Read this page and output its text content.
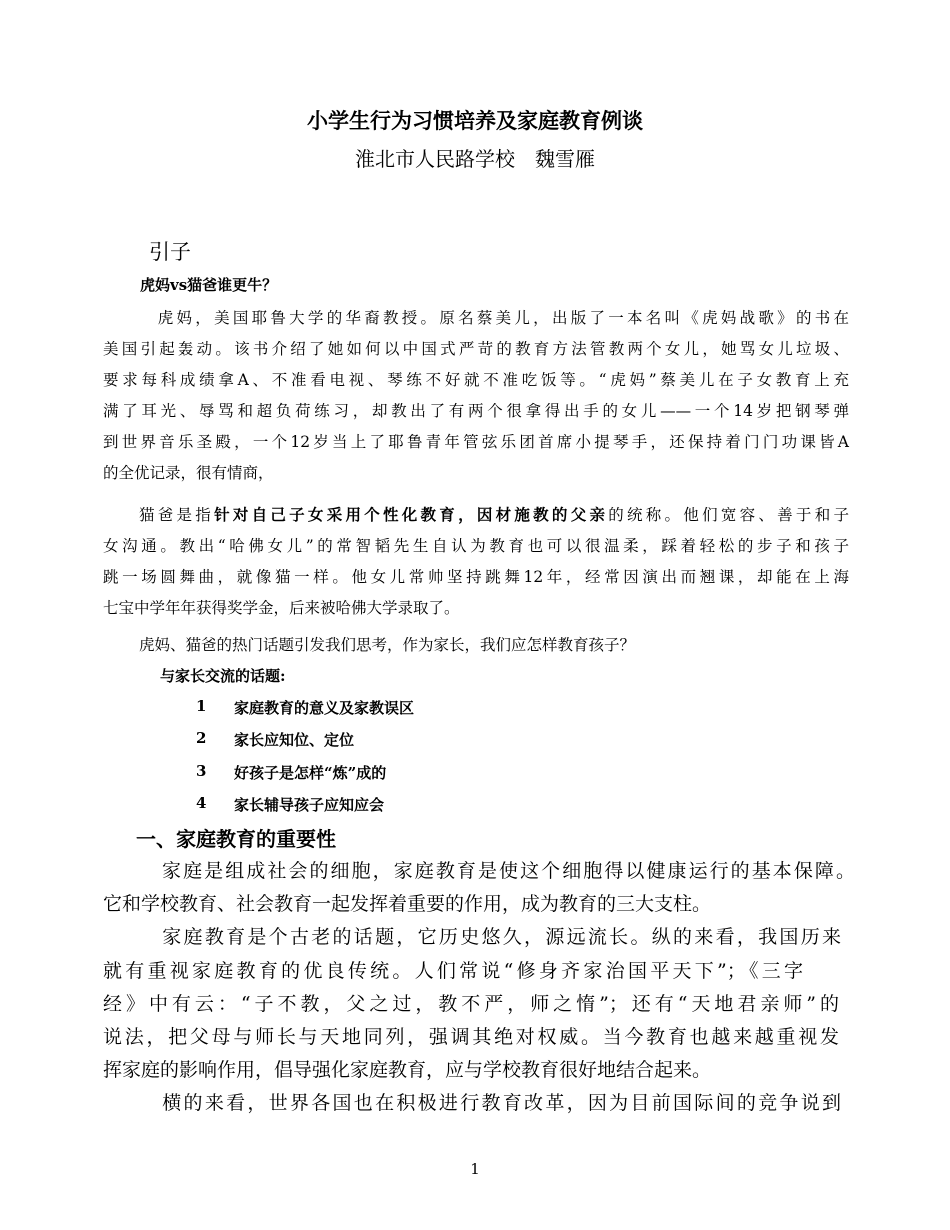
小学生行为习惯培养及家庭教育例谈
淮北市人民路学校　魏雪雁
引子
虎妈vs猫爸谁更牛？
　虎妈，美国耶鲁大学的华裔教授。原名蔡美儿，出版了一本名叫《虎妈战歌》的书在
美国引起轰动。该书介绍了她如何以中国式严苛的教育方法管教两个女儿，她骂女儿垃圾、
要求每科成绩拿A、不准看电视、琴练不好就不准吃饭等。“虎妈”蔡美儿在子女教育上充
满了耳光、辱骂和超负荷练习，却教出了有两个很拿得出手的女儿——一个14岁把钢琴弹
到世界音乐圣殿，一个12岁当上了耶鲁青年管弦乐团首席小提琴手，还保持着门门功课皆A
的全优记录，很有情商，
猫爸是指针对自己子女采用个性化教育，因材施教的父亲的统称。他们宽容、善于和子
女沟通。教出“哈佛女儿”的常智韬先生自认为教育也可以很温柔，踩着轻松的步子和孩子
跳一场圆舞曲，就像猫一样。他女儿常帅坚持跳舞12年，经常因演出而翘课，却能在上海
七宝中学年年获得奖学金，后来被哈佛大学录取了。
虎妈、猫爸的热门话题引发我们思考，作为家长，我们应怎样教育孩子？
与家长交流的话题:
1 家庭教育的意义及家教误区
2 家长应知位、定位
3 好孩子是怎样“炼”成的
4 家长辅导孩子应知应会
一、家庭教育的重要性
　家庭是组成社会的细胞，家庭教育是使这个细胞得以健康运行的基本保障。
它和学校教育、社会教育一起发挥着重要的作用，成为教育的三大支柱。
　家庭教育是个古老的话题，它历史悠久，源远流长。纵的来看，我国历来
就有重视家庭教育的优良传统。人们常说“修身齐家治国平天下”；《三字
经》中有云：“子不教，父之过，教不严，师之惰”；还有“天地君亲师”的
说法，把父母与师长与天地同列，强调其绝对权威。当今教育也越来越重视发
挥家庭的影响作用，倡导强化家庭教育，应与学校教育很好地结合起来。
　横的来看，世界各国也在积极进行教育改革，因为目前国际间的竞争说到
1
